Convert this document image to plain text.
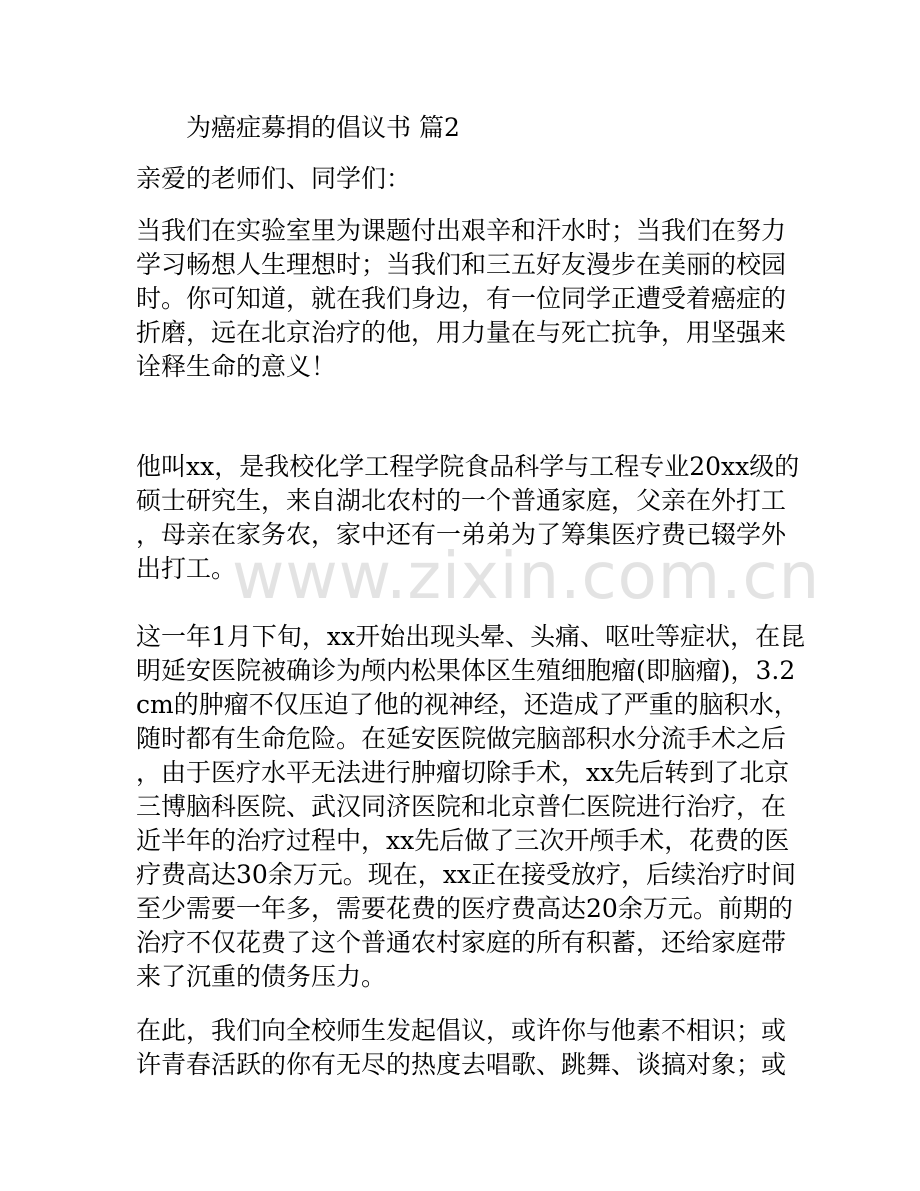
www.zixin.com.cn
为癌症募捐的倡议书 篇2
亲爱的老师们、同学们：
当我们在实验室里为课题付出艰辛和汗水时；当我们在努力
学习畅想人生理想时；当我们和三五好友漫步在美丽的校园
时。你可知道，就在我们身边，有一位同学正遭受着癌症的
折磨，远在北京治疗的他，用力量在与死亡抗争，用坚强来
诠释生命的意义！
他叫xx，是我校化学工程学院食品科学与工程专业20xx级的
硕士研究生，来自湖北农村的一个普通家庭，父亲在外打工
，母亲在家务农，家中还有一弟弟为了筹集医疗费已辍学外
出打工。
这一年1月下旬，xx开始出现头晕、头痛、呕吐等症状，在昆
明延安医院被确诊为颅内松果体区生殖细胞瘤(即脑瘤)，3.2
cm的肿瘤不仅压迫了他的视神经，还造成了严重的脑积水，
随时都有生命危险。在延安医院做完脑部积水分流手术之后
，由于医疗水平无法进行肿瘤切除手术，xx先后转到了北京
三博脑科医院、武汉同济医院和北京普仁医院进行治疗，在
近半年的治疗过程中，xx先后做了三次开颅手术，花费的医
疗费高达30余万元。现在，xx正在接受放疗，后续治疗时间
至少需要一年多，需要花费的医疗费高达20余万元。前期的
治疗不仅花费了这个普通农村家庭的所有积蓄，还给家庭带
来了沉重的债务压力。
在此，我们向全校师生发起倡议，或许你与他素不相识；或
许青春活跃的你有无尽的热度去唱歌、跳舞、谈搞对象；或
